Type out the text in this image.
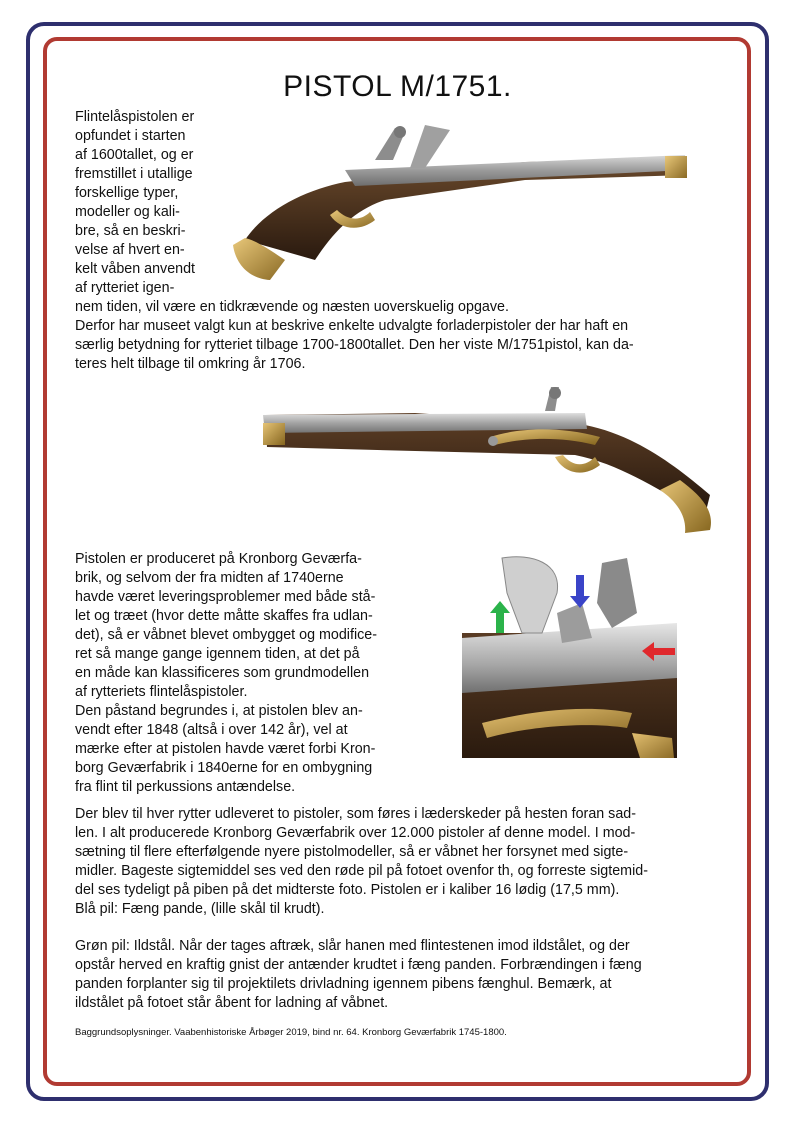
PISTOL M/1751.
Flintelåspistolen er
opfundet i starten
af 1600tallet, og er
fremstillet i utallige
forskellige typer,
modeller og kali-
bre, så en beskri-
velse af hvert en-
kelt våben anvendt
af rytteriet igen-
nem tiden, vil være en tidkrævende og næsten uoverskuelig opgave.
Derfor har museet valgt kun at beskrive enkelte udvalgte forladerpistoler der har haft en
særlig betydning for rytteriet tilbage 1700-1800tallet. Den her viste M/1751pistol, kan da-
teres helt tilbage til omkring år 1706.
Pistolen er produceret på Kronborg Geværfa-
brik, og selvom der fra midten af 1740erne
havde været leveringsproblemer med både stå-
let og træet (hvor dette måtte skaffes fra udlan-
det), så er våbnet blevet ombygget og modifice-
ret så mange gange igennem tiden, at det på
en måde kan klassificeres som grundmodellen
af rytteriets flintelåspistoler.
Den påstand begrundes i, at pistolen blev an-
vendt efter 1848 (altså i over 142 år), vel at
mærke efter at pistolen havde været forbi Kron-
borg Geværfabrik i 1840erne for en ombygning
fra flint til perkussions antændelse.
Der blev til hver rytter udleveret to pistoler, som føres i læderskeder på hesten foran sad-
len. I alt producerede Kronborg Geværfabrik over 12.000 pistoler af denne model. I mod-
sætning til flere efterfølgende nyere pistolmodeller, så er våbnet her forsynet med sigte-
midler. Bageste sigtemiddel ses ved den røde pil på fotoet ovenfor th, og forreste sigtemid-
del ses tydeligt på piben på det midterste foto. Pistolen er i kaliber 16 lødig (17,5 mm).
Blå pil: Fæng pande, (lille skål til krudt).
Grøn pil: Ildstål. Når der tages aftræk, slår hanen med flintestenen imod ildstålet, og der
opstår herved en kraftig gnist der antænder krudtet i fæng panden. Forbrændingen i fæng
panden forplanter sig til projektilets drivladning igennem pibens fænghul. Bemærk, at
ildstålet på fotoet står åbent for ladning af våbnet.

Baggrundsoplysninger. Vaabenhistoriske Årbøger 2019, bind nr. 64. Kronborg Geværfabrik 1745-1800.
